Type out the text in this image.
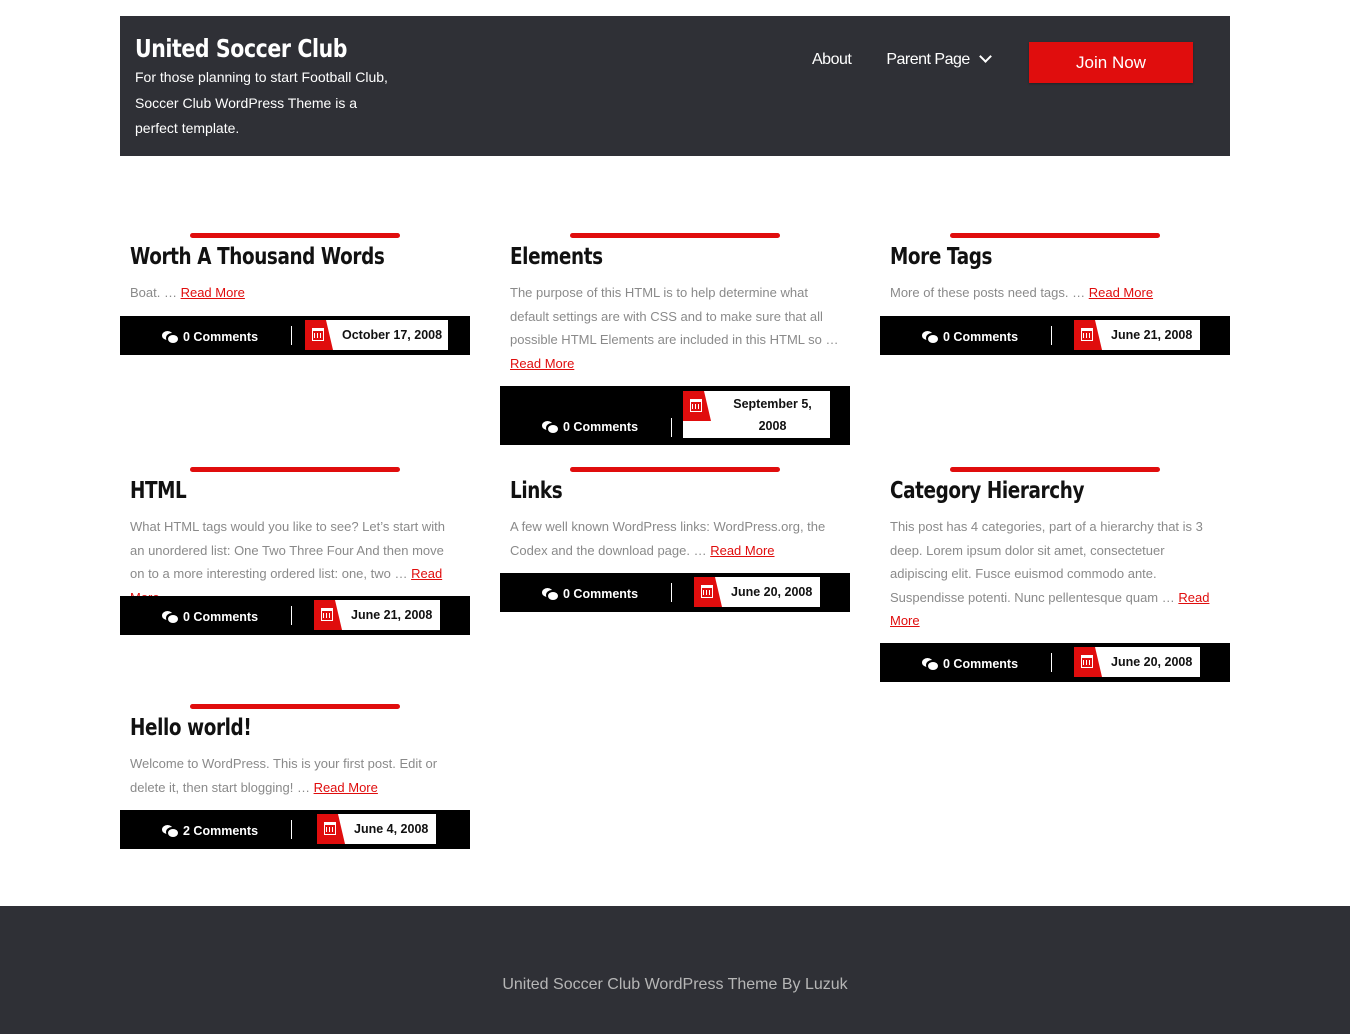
United Soccer Club
For those planning to start Football Club, Soccer Club WordPress Theme is a perfect template.
About Parent Page	Join Now
Worth A Thousand Words
Boat. … Read More
0 Comments	October 17, 2008
Elements
The purpose of this HTML is to help determine what default settings are with CSS and to make sure that all possible HTML Elements are included in this HTML so … Read More
0 Comments
September 5, 2008
More Tags
More of these posts need tags. … Read More
0 Comments	June 21, 2008
HTML
What HTML tags would you like to see? Let’s start with an unordered list: One Two Three Four And then move on to a more interesting ordered list: one, two … Read
0 Comments	June 21, 2008
Links
A few well known WordPress links: WordPress.org, the Codex and the download page. … Read More
0 Comments	June 20, 2008
Category Hierarchy
This post has 4 categories, part of a hierarchy that is 3 deep. Lorem ipsum dolor sit amet, consectetuer adipiscing elit. Fusce euismod commodo ante. Suspendisse potenti. Nunc pellentesque quam … Read More
0 Comments	June 20, 2008
Hello world!
Welcome to WordPress. This is your first post. Edit or delete it, then start blogging! … Read More
2 Comments	June 4, 2008
United Soccer Club WordPress Theme By Luzuk
